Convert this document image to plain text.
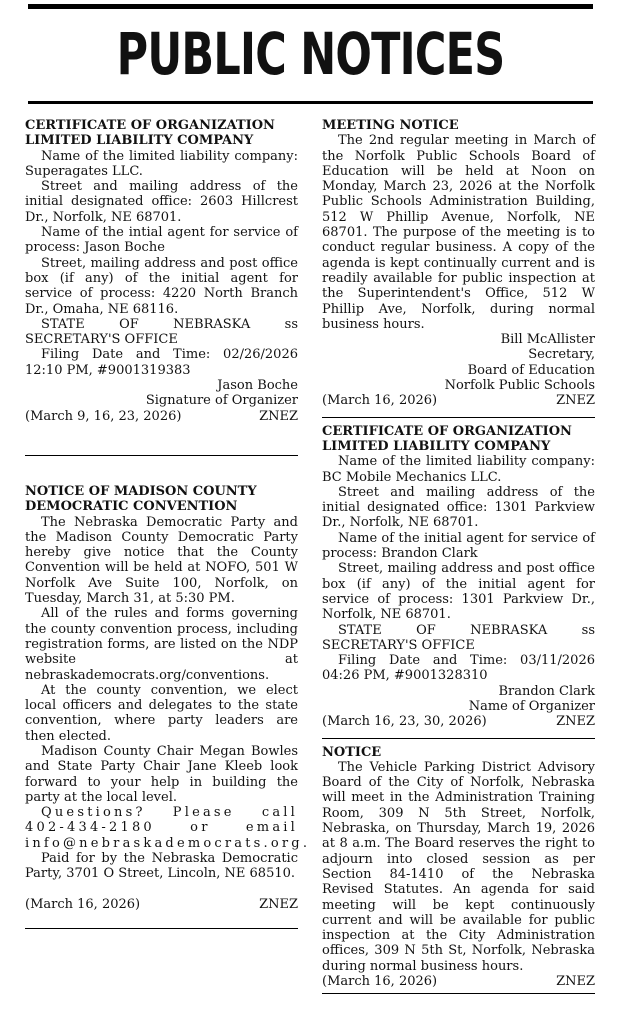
PUBLIC NOTICES

CERTIFICATE OF ORGANIZATION

LIMITED LIABILITY COMPANY

Name of the limited liability company: Superagates LLC.

Street and mailing address of the initial designated office: 2603 Hillcrest Dr., Norfolk, NE 68701.

Name of the intial agent for service of process: Jason Boche

Street, mailing address and post office box (if any) of the initial agent for service of process: 4220 North Branch Dr., Omaha, NE 68116.

STATE OF NEBRASKA ss SECRETARY'S OFFICE

Filing Date and Time: 02/26/2026 12:10 PM, #9001319383

Jason Boche

Signature of Organizer

(March 9, 16, 23, 2026)	ZNEZ

NOTICE OF MADISON COUNTY

DEMOCRATIC CONVENTION

The Nebraska Democratic Party and the Madison County Democratic Party hereby give notice that the County Convention will be held at NOFO, 501 W Norfolk Ave Suite 100, Norfolk, on Tuesday, March 31, at 5:30 PM.

All of the rules and forms governing the county convention process, including registration forms, are listed on the NDP website at nebraskademocrats.org/conventions.

At the county convention, we elect local officers and delegates to the state convention, where party leaders are then elected.

Madison County Chair Megan Bowles and State Party Chair Jane Kleeb look forward to your help in building the party at the local level.

Questions? Please call 402-434-2180 or email info@nebraskademocrats.org.

Paid for by the Nebraska Democratic Party, 3701 O Street, Lincoln, NE 68510.

(March 16, 2026)	ZNEZ

MEETING NOTICE

The 2nd regular meeting in March of the Norfolk Public Schools Board of Education will be held at Noon on Monday, March 23, 2026 at the Norfolk Public Schools Administration Building, 512 W Phillip Avenue, Norfolk, NE 68701. The purpose of the meeting is to conduct regular business. A copy of the agenda is kept continually current and is readily available for public inspection at the Superintendent's Office, 512 W Phillip Ave, Norfolk, during normal business hours.

Bill McAllister

Secretary,

Board of Education

Norfolk Public Schools

(March 16, 2026)	ZNEZ

CERTIFICATE OF ORGANIZATION

LIMITED LIABILITY COMPANY

Name of the limited liability company: BC Mobile Mechanics LLC.

Street and mailing address of the initial designated office: 1301 Parkview Dr., Norfolk, NE 68701.

Name of the initial agent for service of process: Brandon Clark

Street, mailing address and post office box (if any) of the initial agent for service of process: 1301 Parkview Dr., Norfolk, NE 68701.

STATE OF NEBRASKA ss SECRETARY'S OFFICE

Filing Date and Time: 03/11/2026 04:26 PM, #9001328310

Brandon Clark

Name of Organizer

(March 16, 23, 30, 2026)	ZNEZ

NOTICE

The Vehicle Parking District Advisory Board of the City of Norfolk, Nebraska will meet in the Administration Training Room, 309 N 5th Street, Norfolk, Nebraska, on Thursday, March 19, 2026 at 8 a.m. The Board reserves the right to adjourn into closed session as per Section 84-1410 of the Nebraska Revised Statutes. An agenda for said meeting will be kept continuously current and will be available for public inspection at the City Administration offices, 309 N 5th St, Norfolk, Nebraska during normal business hours.

(March 16, 2026)	ZNEZ
